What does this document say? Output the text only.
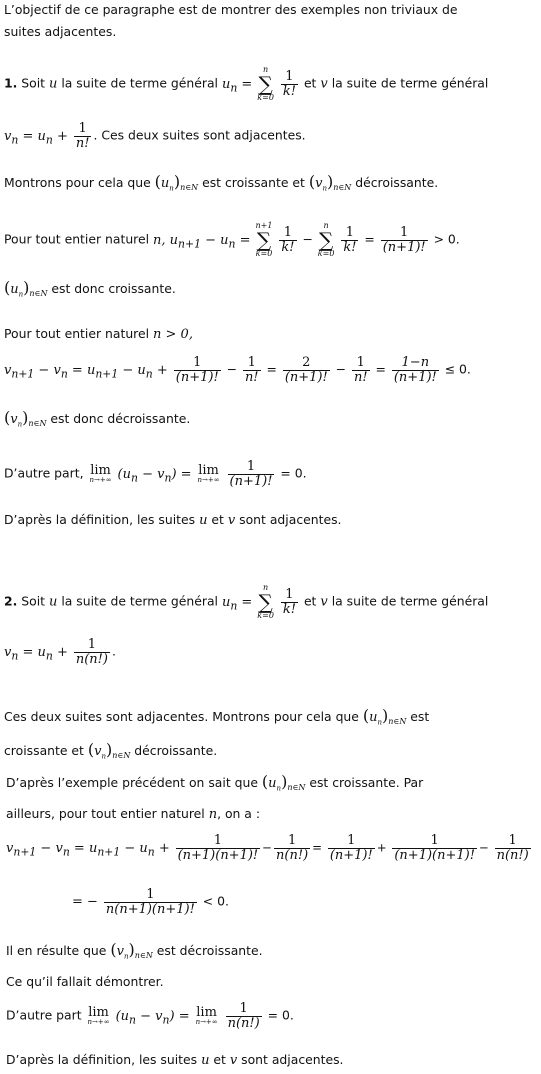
L’objectif de ce paragraphe est de montrer des exemples non triviaux de
suites adjacentes.
1. Soit u la suite de terme général $u_n$ =
n
∑
k=0
$\frac{1}{k!}$ et v la suite de terme général
$v_n = u_n + \frac{1}{n!}$ . Ces deux suites sont adjacentes.
Montrons pour cela que $(u_n)_{n\in N}$ est croissante et $(v_n)_{n\in N}$ décroissante.
Pour tout entier naturel n, $u_{n+1} - u_n$ =
n+1
∑
k=0
$\frac{1}{k!}$ −
n
∑
k=0
$\frac{1}{k!} = \frac{1}{(n+1)!} > 0$.
$(u_n)_{n\in N}$ est donc croissante.
Pour tout entier naturel n > 0,
$v_{n+1} - v_n = u_{n+1} - u_n + \frac{1}{(n+1)!} - \frac{1}{n!} = \frac{2}{(n+1)!} - \frac{1}{n!} = \frac{1-n}{(n+1)!} \le 0$.
$(v_n)_{n\in N}$ est donc décroissante.
D’autre part, lim
n→+∞ $(u_n - v_n) = \lim$
n→+∞
$\frac{1}{(n+1)!} = 0$.
D’après la définition, les suites u et v sont adjacentes.
2. Soit u la suite de terme général $u_n$ =
n
∑
k=0
$\frac{1}{k!}$ et v la suite de terme général
$v_n = u_n + \frac{1}{n(n!)}$ .
Ces deux suites sont adjacentes. Montrons pour cela que $(u_n)_{n\in N}$ est
croissante et $(v_n)_{n\in N}$ décroissante.
D’après l’exemple précédent on sait que $(u_n)_{n\in N}$ est croissante. Par
ailleurs, pour tout entier naturel n, on a :
$v_{n+1} - v_n = u_{n+1} - u_n + \frac{1}{(n+1)(n+1)!} - \frac{1}{n(n!)} = \frac{1}{(n+1)!} + \frac{1}{(n+1)(n+1)!} - \frac{1}{n(n!)}$
= − $\frac{1}{n(n+1)(n+1)!} < 0$.
Il en résulte que $(v_n)_{n\in N}$ est décroissante.
Ce qu’il fallait démontrer.
D’autre part lim
n→+∞ $(u_n - v_n) = \lim$
n→+∞
$\frac{1}{n(n!)} = 0$.
D’après la définition, les suites u et v sont adjacentes.
